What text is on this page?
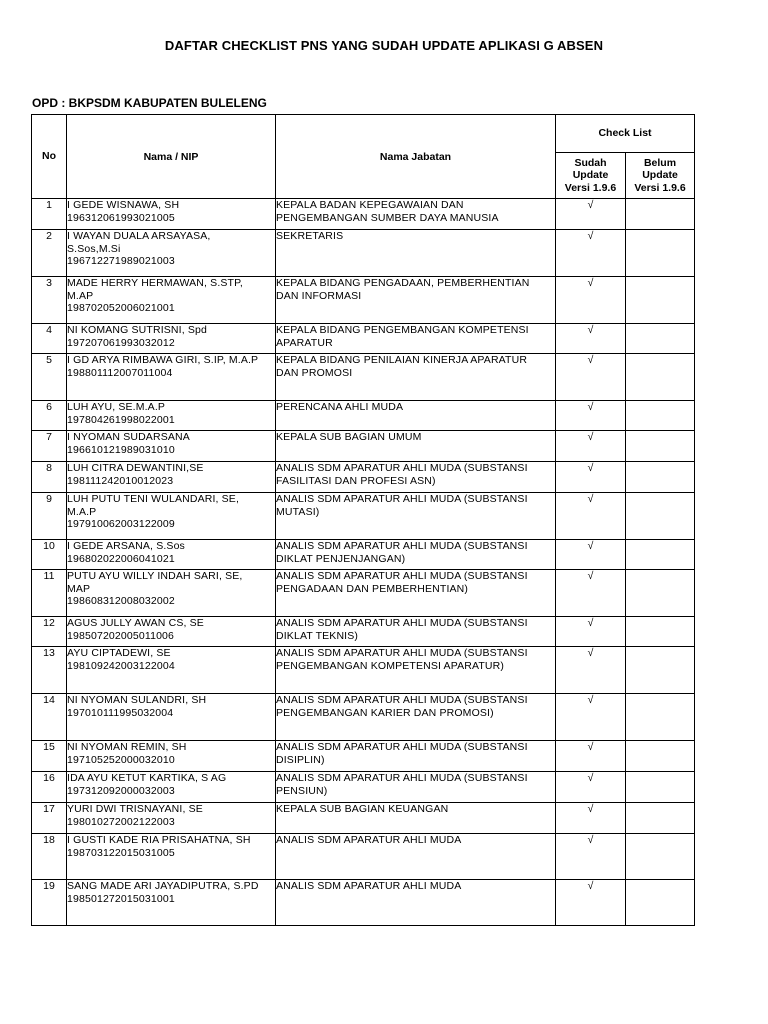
DAFTAR CHECKLIST PNS YANG SUDAH UPDATE APLIKASI G ABSEN
OPD : BKPSDM KABUPATEN BULELENG
No	Nama / NIP	Nama Jabatan	Check List	

			Sudah
Update
Versi 1.9.6	Belum
Update
Versi 1.9.6

1	I GEDE WISNAWA, SH
196312061993021005	KEPALA BADAN KEPEGAWAIAN DAN
PENGEMBANGAN SUMBER DAYA MANUSIA	√	
2	I WAYAN DUALA ARSAYASA,
S.Sos,M.Si
196712271989021003	SEKRETARIS	√	
3	MADE HERRY HERMAWAN, S.STP,
M.AP
198702052006021001	KEPALA BIDANG PENGADAAN, PEMBERHENTIAN
DAN INFORMASI	√	
4	NI KOMANG SUTRISNI, Spd
197207061993032012	KEPALA BIDANG PENGEMBANGAN KOMPETENSI
APARATUR	√	
5	I GD ARYA RIMBAWA GIRI, S.IP, M.A.P
198801112007011004	KEPALA BIDANG PENILAIAN KINERJA APARATUR
DAN PROMOSI	√	
6	LUH AYU, SE.M.A.P
197804261998022001	PERENCANA AHLI MUDA	√	
7	I NYOMAN SUDARSANA
196610121989031010	KEPALA SUB BAGIAN UMUM	√	
8	LUH CITRA DEWANTINI,SE
198111242010012023	ANALIS SDM APARATUR AHLI MUDA (SUBSTANSI
FASILITASI DAN PROFESI ASN)	√	
9	LUH PUTU TENI WULANDARI, SE,
M.A.P
197910062003122009	ANALIS SDM APARATUR AHLI MUDA (SUBSTANSI
MUTASI)	√	
10	I GEDE ARSANA, S.Sos
196802022006041021	ANALIS SDM APARATUR AHLI MUDA (SUBSTANSI
DIKLAT PENJENJANGAN)	√	
11	PUTU AYU WILLY INDAH SARI, SE,
MAP
198608312008032002	ANALIS SDM APARATUR AHLI MUDA (SUBSTANSI
PENGADAAN DAN PEMBERHENTIAN)	√	
12	AGUS JULLY AWAN CS, SE
198507202005011006	ANALIS SDM APARATUR AHLI MUDA (SUBSTANSI
DIKLAT TEKNIS)	√	
13	AYU CIPTADEWI, SE
198109242003122004	ANALIS SDM APARATUR AHLI MUDA (SUBSTANSI
PENGEMBANGAN KOMPETENSI APARATUR)	√	
14	NI NYOMAN SULANDRI, SH
197010111995032004	ANALIS SDM APARATUR AHLI MUDA (SUBSTANSI
PENGEMBANGAN KARIER DAN PROMOSI)	√	
15	NI NYOMAN REMIN, SH
197105252000032010	ANALIS SDM APARATUR AHLI MUDA (SUBSTANSI
DISIPLIN)	√	
16	IDA AYU KETUT KARTIKA, S AG
197312092000032003	ANALIS SDM APARATUR AHLI MUDA (SUBSTANSI
PENSIUN)	√	
17	YURI DWI TRISNAYANI, SE
198010272002122003	KEPALA SUB BAGIAN KEUANGAN	√	
18	I GUSTI KADE RIA PRISAHATNA, SH
198703122015031005	ANALIS SDM APARATUR AHLI MUDA	√	
19	SANG MADE ARI JAYADIPUTRA, S.PD
198501272015031001	ANALIS SDM APARATUR AHLI MUDA	√	
